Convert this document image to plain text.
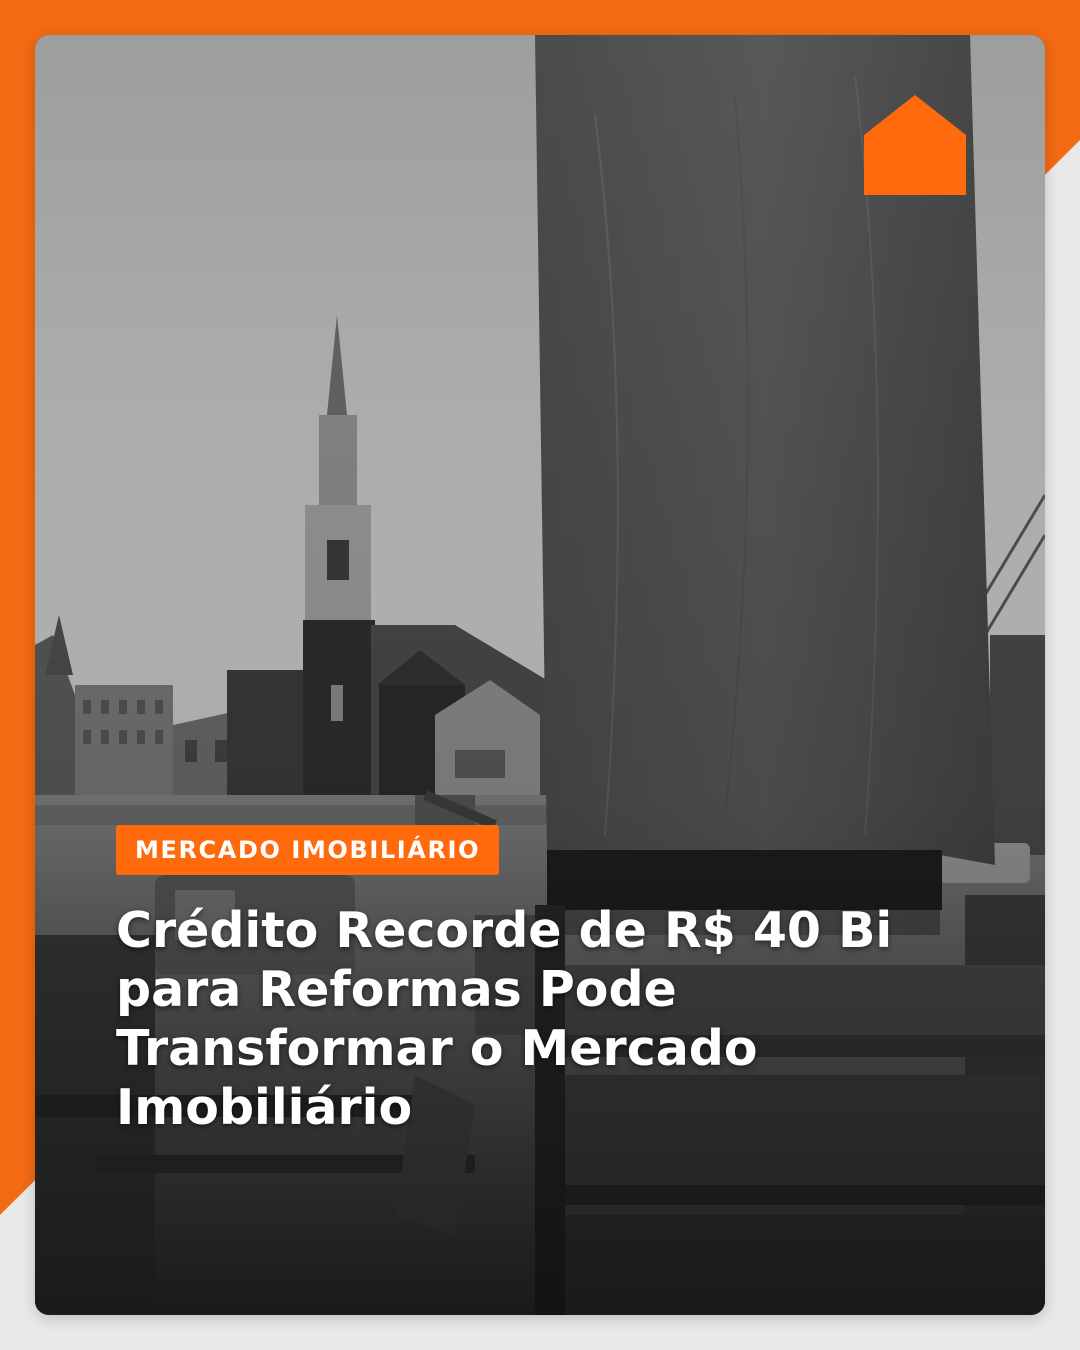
MERCADO IMOBILIÁRIO
Crédito Recorde de R$ 40 Bi para Reformas Pode Transformar o Mercado Imobiliário
